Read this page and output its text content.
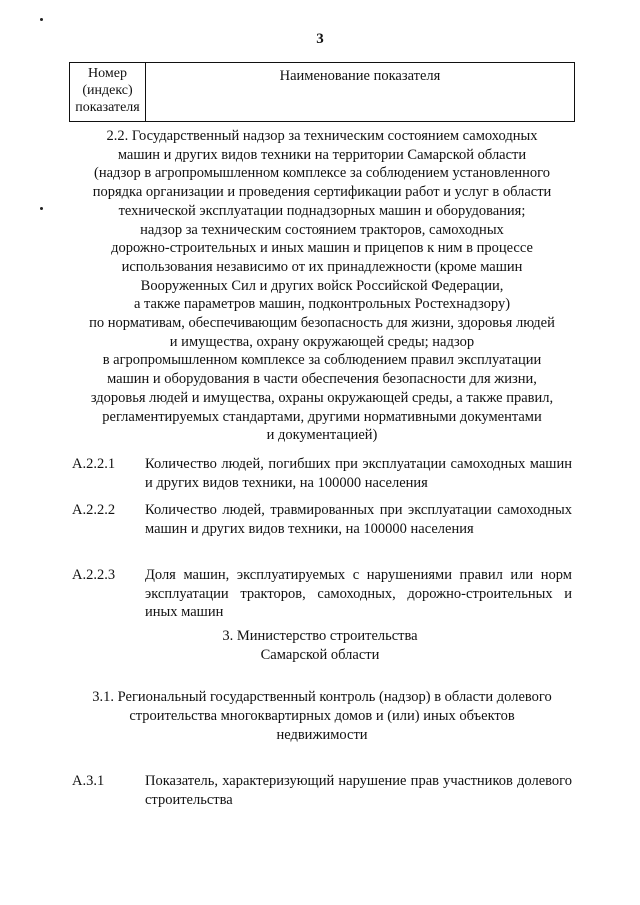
3
Номер
(индекс)
показателя
Наименование показателя
2.2. Государственный надзор за техническим состоянием самоходных
машин и других видов техники на территории Самарской области
(надзор в агропромышленном комплексе за соблюдением установленного
порядка организации и проведения сертификации работ и услуг в области
технической эксплуатации поднадзорных машин и оборудования;
надзор за техническим состоянием тракторов, самоходных
дорожно-строительных и иных машин и прицепов к ним в процессе
использования независимо от их принадлежности (кроме машин
Вооруженных Сил и других войск Российской Федерации,
а также параметров машин, подконтрольных Ростехнадзору)
по нормативам, обеспечивающим безопасность для жизни, здоровья людей
и имущества, охрану окружающей среды; надзор
в агропромышленном комплексе за соблюдением правил эксплуатации
машин и оборудования в части обеспечения безопасности для жизни,
здоровья людей и имущества, охраны окружающей среды, а также правил,
регламентируемых стандартами, другими нормативными документами
и документацией)
А.2.2.1 Количество людей, погибших при эксплуатации самоходных машин и других видов техники, на 100000 населения
А.2.2.2 Количество людей, травмированных при эксплуатации самоходных машин и других видов техники, на 100000 населения
А.2.2.3 Доля машин, эксплуатируемых с нарушениями правил или норм эксплуатации тракторов, самоходных, дорожно-строительных и иных машин
3. Министерство строительства
Самарской области
3.1. Региональный государственный контроль (надзор) в области долевого
строительства многоквартирных домов и (или) иных объектов
недвижимости
А.3.1	Показатель, характеризующий нарушение прав участников долевого строительства
